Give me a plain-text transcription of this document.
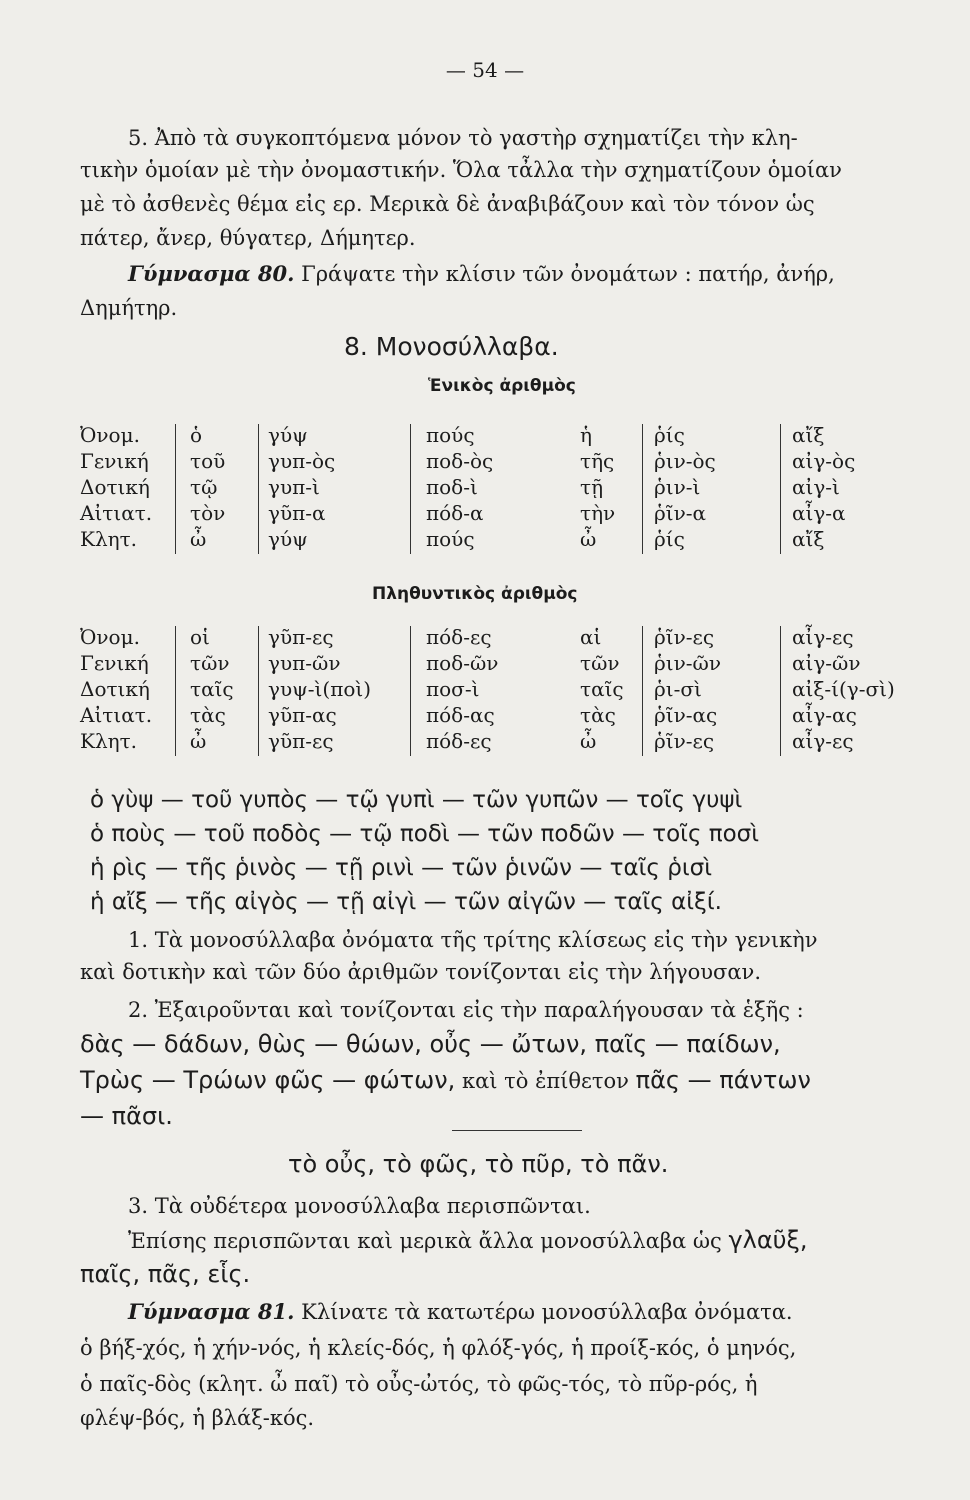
— 54 —
5. Ἀπὸ τὰ συγκοπτόμενα μόνον τὸ γαστὴρ σχηματίζει τὴν κλη-
τικὴν ὁμοίαν μὲ τὴν ὀνομαστικήν. Ὅλα τἆλλα τὴν σχηματίζουν ὁμοίαν
μὲ τὸ ἀσθενὲς θέμα εἰς ερ. Μερικὰ δὲ ἀναβιβάζουν καὶ τὸν τόνον ὡς
πάτερ, ἄνερ, θύγατερ, Δήμητερ.
Γύμνασμα 80. Γράψατε τὴν κλίσιν τῶν ὀνομάτων : πατήρ, ἀνήρ,
Δημήτηρ.
8. Μονοσύλλαβα.
Ἑνικὸς ἀριθμὸς
Ὀνομ.
Γενική
Δοτική
Αἰτιατ.
Κλητ.
ὁ
τοῦ
τῷ
τὸν
ὦ
γύψ
γυπ-ὸς
γυπ-ὶ
γῦπ-α
γύψ
πούς
ποδ-ὸς
ποδ-ὶ
πόδ-α
πούς
ἡ
τῆς
τῇ
τὴν
ὦ
ῥίς
ῥιν-ὸς
ῥιν-ὶ
ῥῖν-α
ῥίς
αἴξ
αἰγ-ὸς
αἰγ-ὶ
αἶγ-α
αἴξ
Πληθυντικὸς ἀριθμὸς
Ὀνομ.
Γενική
Δοτική
Αἰτιατ.
Κλητ.
οἱ
τῶν
ταῖς
τὰς
ὦ
γῦπ-ες
γυπ-ῶν
γυψ-ὶ(ποὶ)
γῦπ-ας
γῦπ-ες
πόδ-ες
ποδ-ῶν
ποσ-ὶ
πόδ-ας
πόδ-ες
αἱ
τῶν
ταῖς
τὰς
ὦ
ῥῖν-ες
ῥιν-ῶν
ῥι-σὶ
ῥῖν-ας
ῥῖν-ες
αἶγ-ες
αἰγ-ῶν
αἰξ-ί(γ-σὶ)
αἶγ-ας
αἶγ-ες
ὁ γὺψ — τοῦ γυπὸς — τῷ γυπὶ — τῶν γυπῶν — τοῖς γυψὶ
ὁ ποὺς — τοῦ ποδὸς — τῷ ποδὶ — τῶν ποδῶν — τοῖς ποσὶ
ἡ ρὶς — τῆς ῥινὸς — τῇ ρινὶ — τῶν ῥινῶν — ταῖς ῥισὶ
ἡ αἴξ — τῆς αἰγὸς — τῇ αἰγὶ — τῶν αἰγῶν — ταῖς αἰξί.
1. Τὰ μονοσύλλαβα ὀνόματα τῆς τρίτης κλίσεως εἰς τὴν γενικὴν
καὶ δοτικὴν καὶ τῶν δύο ἀριθμῶν τονίζονται εἰς τὴν λήγουσαν.
2. Ἐξαιροῦνται καὶ τονίζονται εἰς τὴν παραλήγουσαν τὰ ἑξῆς :
δὰς — δάδων, θὼς — θώων, οὖς — ὤτων, παῖς — παίδων,
Τρὼς — Τρώων φῶς — φώτων, καὶ τὸ ἐπίθετον πᾶς — πάντων
— πᾶσι.
τὸ οὖς, τὸ φῶς, τὸ πῦρ, τὸ πᾶν.
3. Τὰ οὐδέτερα μονοσύλλαβα περισπῶνται.
Ἐπίσης περισπῶνται καὶ μερικὰ ἄλλα μονοσύλλαβα ὡς γλαῦξ,
παῖς, πᾶς, εἷς.
Γύμνασμα 81. Κλίνατε τὰ κατωτέρω μονοσύλλαβα ὀνόματα.
ὁ βήξ-χός, ἡ χήν-νός, ἡ κλείς-δός, ἡ φλόξ-γός, ἡ προίξ-κός, ὁ μηνός,
ὁ παῖς-δὸς (κλητ. ὦ παῖ) τὸ οὖς-ὠτός, τὸ φῶς-τός, τὸ πῦρ-ρός, ἡ
φλέψ-βός, ἡ βλάξ-κός.
